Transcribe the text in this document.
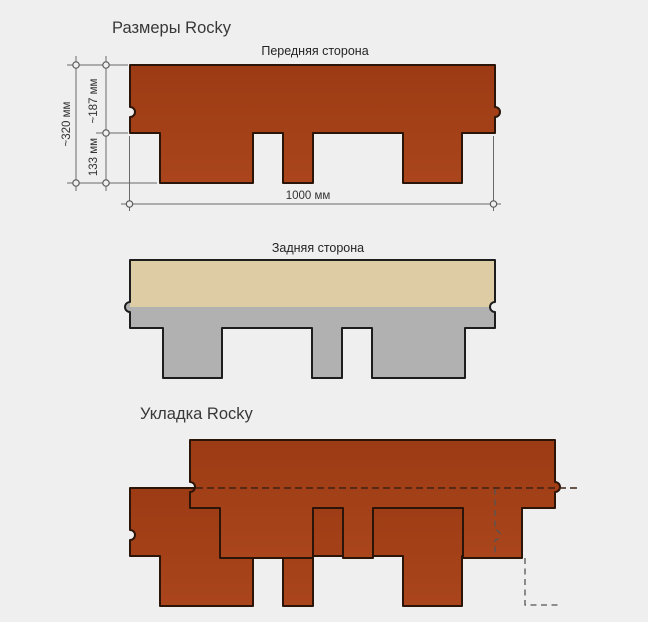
Размеры Rocky
Передняя сторона
Задняя сторона
Укладка Rocky
~320 мм
~187 мм
133 мм
1000 мм
